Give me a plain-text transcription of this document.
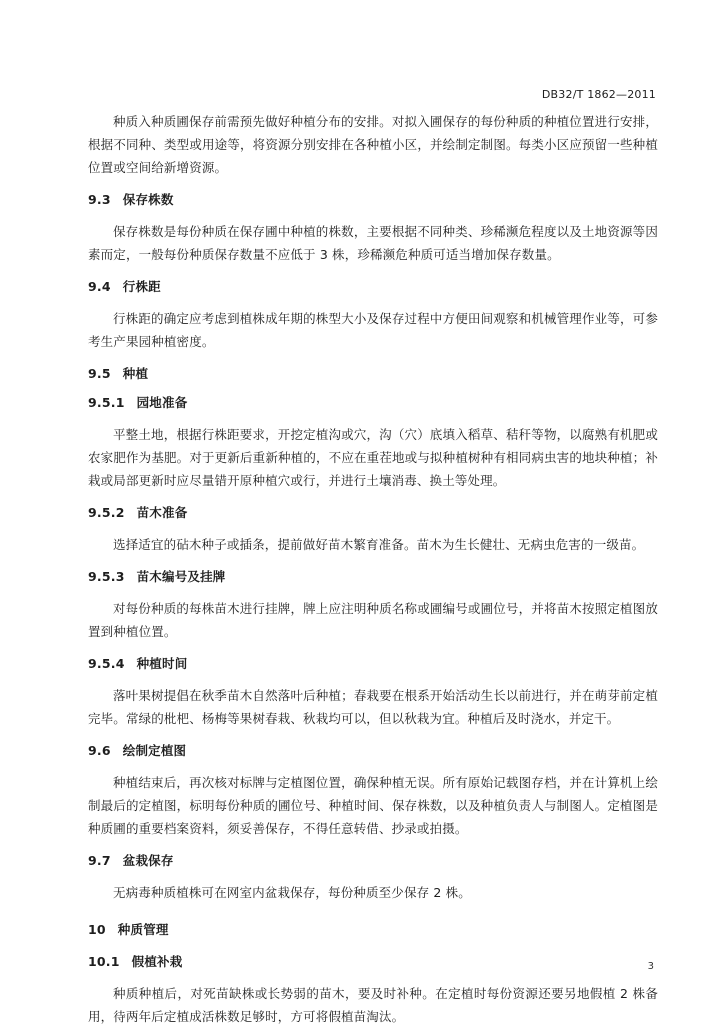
DB32/T 1862—2011

种质入种质圃保存前需预先做好种植分布的安排。对拟入圃保存的每份种质的种植位置进行安排，根据不同种、类型或用途等，将资源分别安排在各种植小区，并绘制定制图。每类小区应预留一些种植位置或空间给新增资源。

9.3 保存株数

保存株数是每份种质在保存圃中种植的株数，主要根据不同种类、珍稀濒危程度以及土地资源等因素而定，一般每份种质保存数量不应低于 3 株，珍稀濒危种质可适当增加保存数量。

9.4 行株距

行株距的确定应考虑到植株成年期的株型大小及保存过程中方便田间观察和机械管理作业等，可参考生产果园种植密度。

9.5 种植
9.5.1 园地准备

平整土地，根据行株距要求，开挖定植沟或穴，沟（穴）底填入稻草、秸秆等物，以腐熟有机肥或农家肥作为基肥。对于更新后重新种植的，不应在重茬地或与拟种植树种有相同病虫害的地块种植；补栽或局部更新时应尽量错开原种植穴或行，并进行土壤消毒、换土等处理。

9.5.2 苗木准备

选择适宜的砧木种子或插条，提前做好苗木繁育准备。苗木为生长健壮、无病虫危害的一级苗。

9.5.3 苗木编号及挂牌

对每份种质的每株苗木进行挂牌，牌上应注明种质名称或圃编号或圃位号，并将苗木按照定植图放置到种植位置。

9.5.4 种植时间

落叶果树提倡在秋季苗木自然落叶后种植；春栽要在根系开始活动生长以前进行，并在萌芽前定植完毕。常绿的枇杷、杨梅等果树春栽、秋栽均可以，但以秋栽为宜。种植后及时浇水，并定干。

9.6 绘制定植图

种植结束后，再次核对标牌与定植图位置，确保种植无误。所有原始记载图存档，并在计算机上绘制最后的定植图，标明每份种质的圃位号、种植时间、保存株数，以及种植负责人与制图人。定植图是种质圃的重要档案资料，须妥善保存，不得任意转借、抄录或拍摄。

9.7 盆栽保存

无病毒种质植株可在网室内盆栽保存，每份种质至少保存 2 株。

10 种质管理
10.1 假植补栽

种质种植后，对死苗缺株或长势弱的苗木，要及时补种。在定植时每份资源还要另地假植 2 株备用，待两年后定植成活株数足够时，方可将假植苗淘汰。

3
